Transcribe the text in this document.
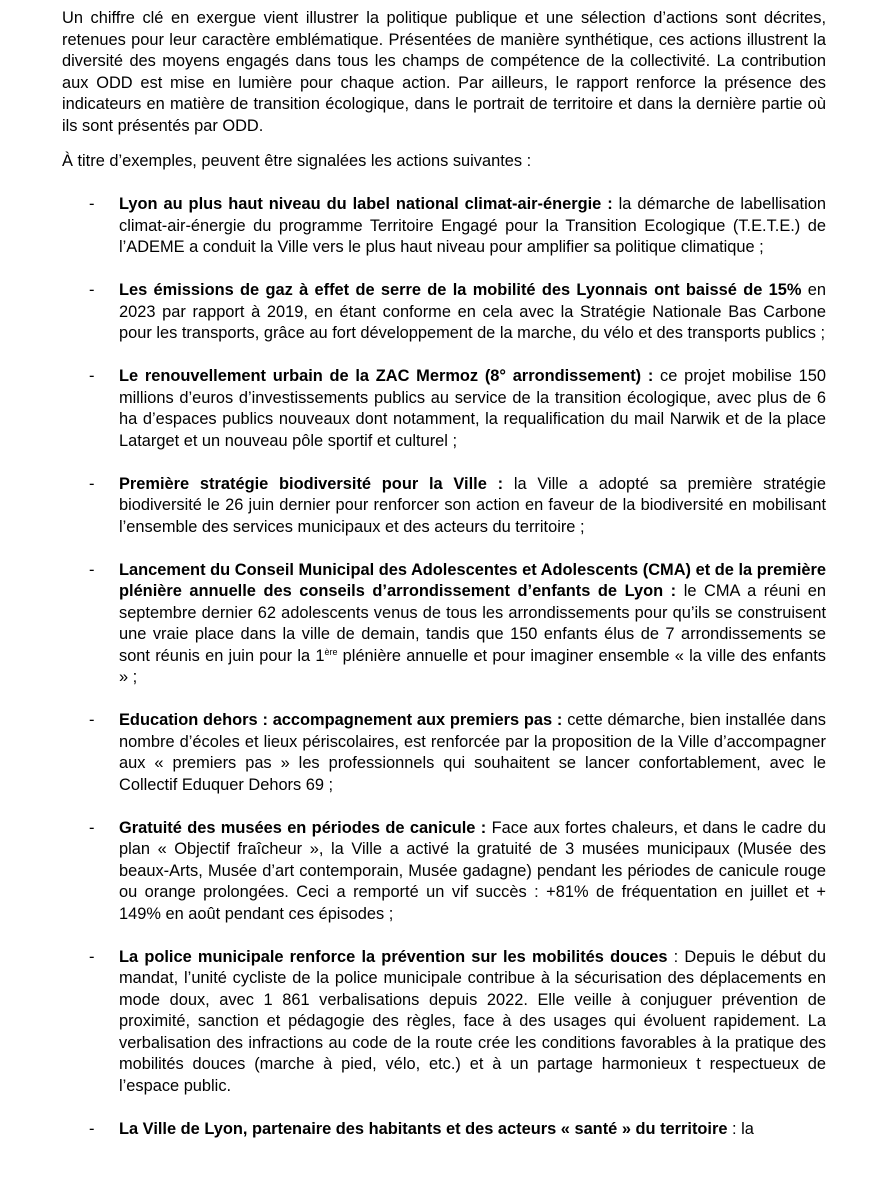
Un chiffre clé en exergue vient illustrer la politique publique et une sélection d’actions sont décrites, retenues pour leur caractère emblématique. Présentées de manière synthétique, ces actions illustrent la diversité des moyens engagés dans tous les champs de compétence de la collectivité. La contribution aux ODD est mise en lumière pour chaque action. Par ailleurs, le rapport renforce la présence des indicateurs en matière de transition écologique, dans le portrait de territoire et dans la dernière partie où ils sont présentés par ODD.

À titre d’exemples, peuvent être signalées les actions suivantes :

- Lyon au plus haut niveau du label national climat-air-énergie : la démarche de labellisation climat-air-énergie du programme Territoire Engagé pour la Transition Ecologique (T.E.T.E.) de l’ADEME a conduit la Ville vers le plus haut niveau pour amplifier sa politique climatique ;
- Les émissions de gaz à effet de serre de la mobilité des Lyonnais ont baissé de 15% en 2023 par rapport à 2019, en étant conforme en cela avec la Stratégie Nationale Bas Carbone pour les transports, grâce au fort développement de la marche, du vélo et des transports publics ;
- Le renouvellement urbain de la ZAC Mermoz (8° arrondissement) : ce projet mobilise 150 millions d’euros d’investissements publics au service de la transition écologique, avec plus de 6 ha d’espaces publics nouveaux dont notamment, la requalification du mail Narwik et de la place Latarget et un nouveau pôle sportif et culturel ;
- Première stratégie biodiversité pour la Ville : la Ville a adopté sa première stratégie biodiversité le 26 juin dernier pour renforcer son action en faveur de la biodiversité en mobilisant l’ensemble des services municipaux et des acteurs du territoire ;
- Lancement du Conseil Municipal des Adolescentes et Adolescents (CMA) et de la première plénière annuelle des conseils d’arrondissement d’enfants de Lyon : le CMA a réuni en septembre dernier 62 adolescents venus de tous les arrondissements pour qu’ils se construisent une vraie place dans la ville de demain, tandis que 150 enfants élus de 7 arrondissements se sont réunis en juin pour la 1ère plénière annuelle et pour imaginer ensemble « la ville des enfants » ;
- Education dehors : accompagnement aux premiers pas : cette démarche, bien installée dans nombre d’écoles et lieux périscolaires, est renforcée par la proposition de la Ville d’accompagner aux « premiers pas » les professionnels qui souhaitent se lancer confortablement, avec le Collectif Eduquer Dehors 69 ;
- Gratuité des musées en périodes de canicule : Face aux fortes chaleurs, et dans le cadre du plan « Objectif fraîcheur », la Ville a activé la gratuité de 3 musées municipaux (Musée des beaux-Arts, Musée d’art contemporain, Musée gadagne) pendant les périodes de canicule rouge ou orange prolongées. Ceci a remporté un vif succès : +81% de fréquentation en juillet et + 149% en août pendant ces épisodes ;
- La police municipale renforce la prévention sur les mobilités douces : Depuis le début du mandat, l’unité cycliste de la police municipale contribue à la sécurisation des déplacements en mode doux, avec 1 861 verbalisations depuis 2022. Elle veille à conjuguer prévention de proximité, sanction et pédagogie des règles, face à des usages qui évoluent rapidement. La verbalisation des infractions au code de la route crée les conditions favorables à la pratique des mobilités douces (marche à pied, vélo, etc.) et à un partage harmonieux t respectueux de l’espace public.
- La Ville de Lyon, partenaire des habitants et des acteurs « santé » du territoire : la
